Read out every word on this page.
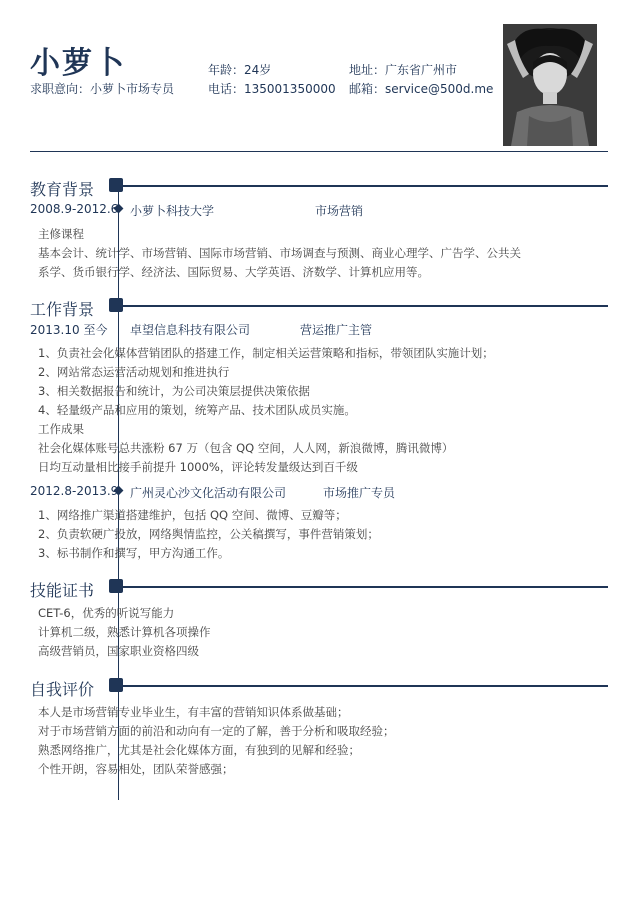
小萝卜
求职意向：小萝卜市场专员
年龄：24岁
电话：135001350000
地址：广东省广州市
邮箱：service@500d.me
教育背景
2008.9-2012.6 小萝卜科技大学	市场营销
主修课程
基本会计、统计学、市场营销、国际市场营销、市场调查与预测、商业心理学、广告学、公共关
系学、货币银行学、经济法、国际贸易、大学英语、济数学、计算机应用等。
工作背景
2013.10 至今 卓望信息科技有限公司	营运推广主管
1、负责社会化媒体营销团队的搭建工作，制定相关运营策略和指标，带领团队实施计划；
2、网站常态运营活动规划和推进执行
3、相关数据报告和统计，为公司决策层提供决策依据
4、轻量级产品和应用的策划，统筹产品、技术团队成员实施。
工作成果
社会化媒体账号总共涨粉 67 万（包含 QQ 空间，人人网，新浪微博，腾讯微博）
日均互动量相比接手前提升 1000%，评论转发量级达到百千级
2012.8-2013.9 广州灵心沙文化活动有限公司	市场推广专员
1、网络推广渠道搭建维护，包括 QQ 空间、微博、豆瓣等；
2、负责软硬广投放，网络舆情监控，公关稿撰写，事件营销策划；
3、标书制作和撰写，甲方沟通工作。
技能证书
CET-6，优秀的听说写能力
计算机二级，熟悉计算机各项操作
高级营销员，国家职业资格四级
自我评价
本人是市场营销专业毕业生，有丰富的营销知识体系做基础；
对于市场营销方面的前沿和动向有一定的了解，善于分析和吸取经验；
熟悉网络推广，尤其是社会化媒体方面，有独到的见解和经验；
个性开朗，容易相处，团队荣誉感强；
